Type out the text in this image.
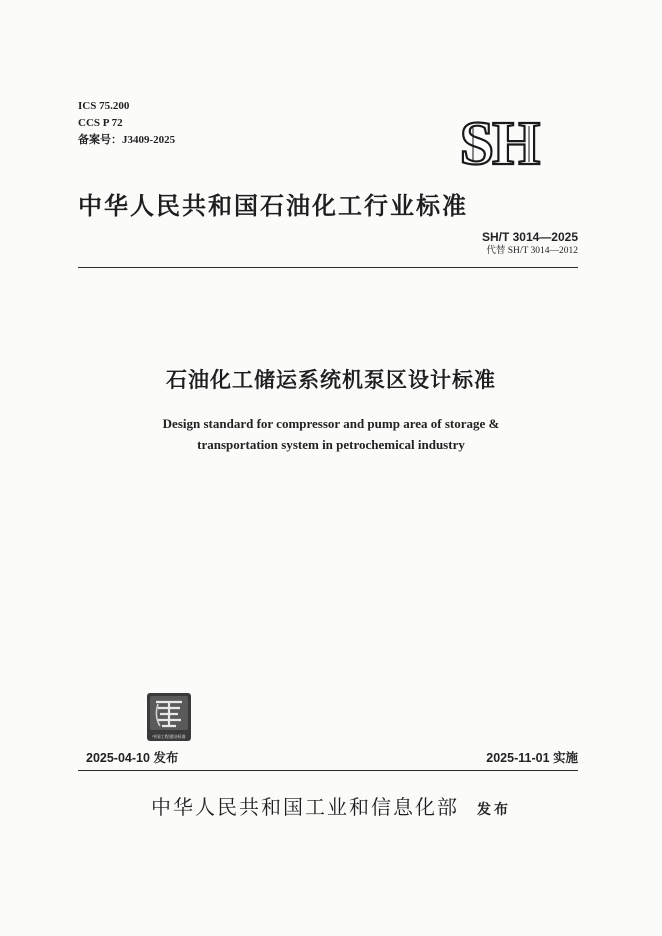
ICS 75.200
CCS P 72
备案号：J3409-2025	SH
中华人民共和国石油化工行业标准
SH/T 3014—2025
代替 SH/T 3014—2012
石油化工储运系统机泵区设计标准
Design standard for compressor and pump area of storage &
transportation system in petrochemical industry
中国工程建设标准
2025-04-10 发布	2025-11-01 实施
中华人民共和国工业和信息化部 发布
